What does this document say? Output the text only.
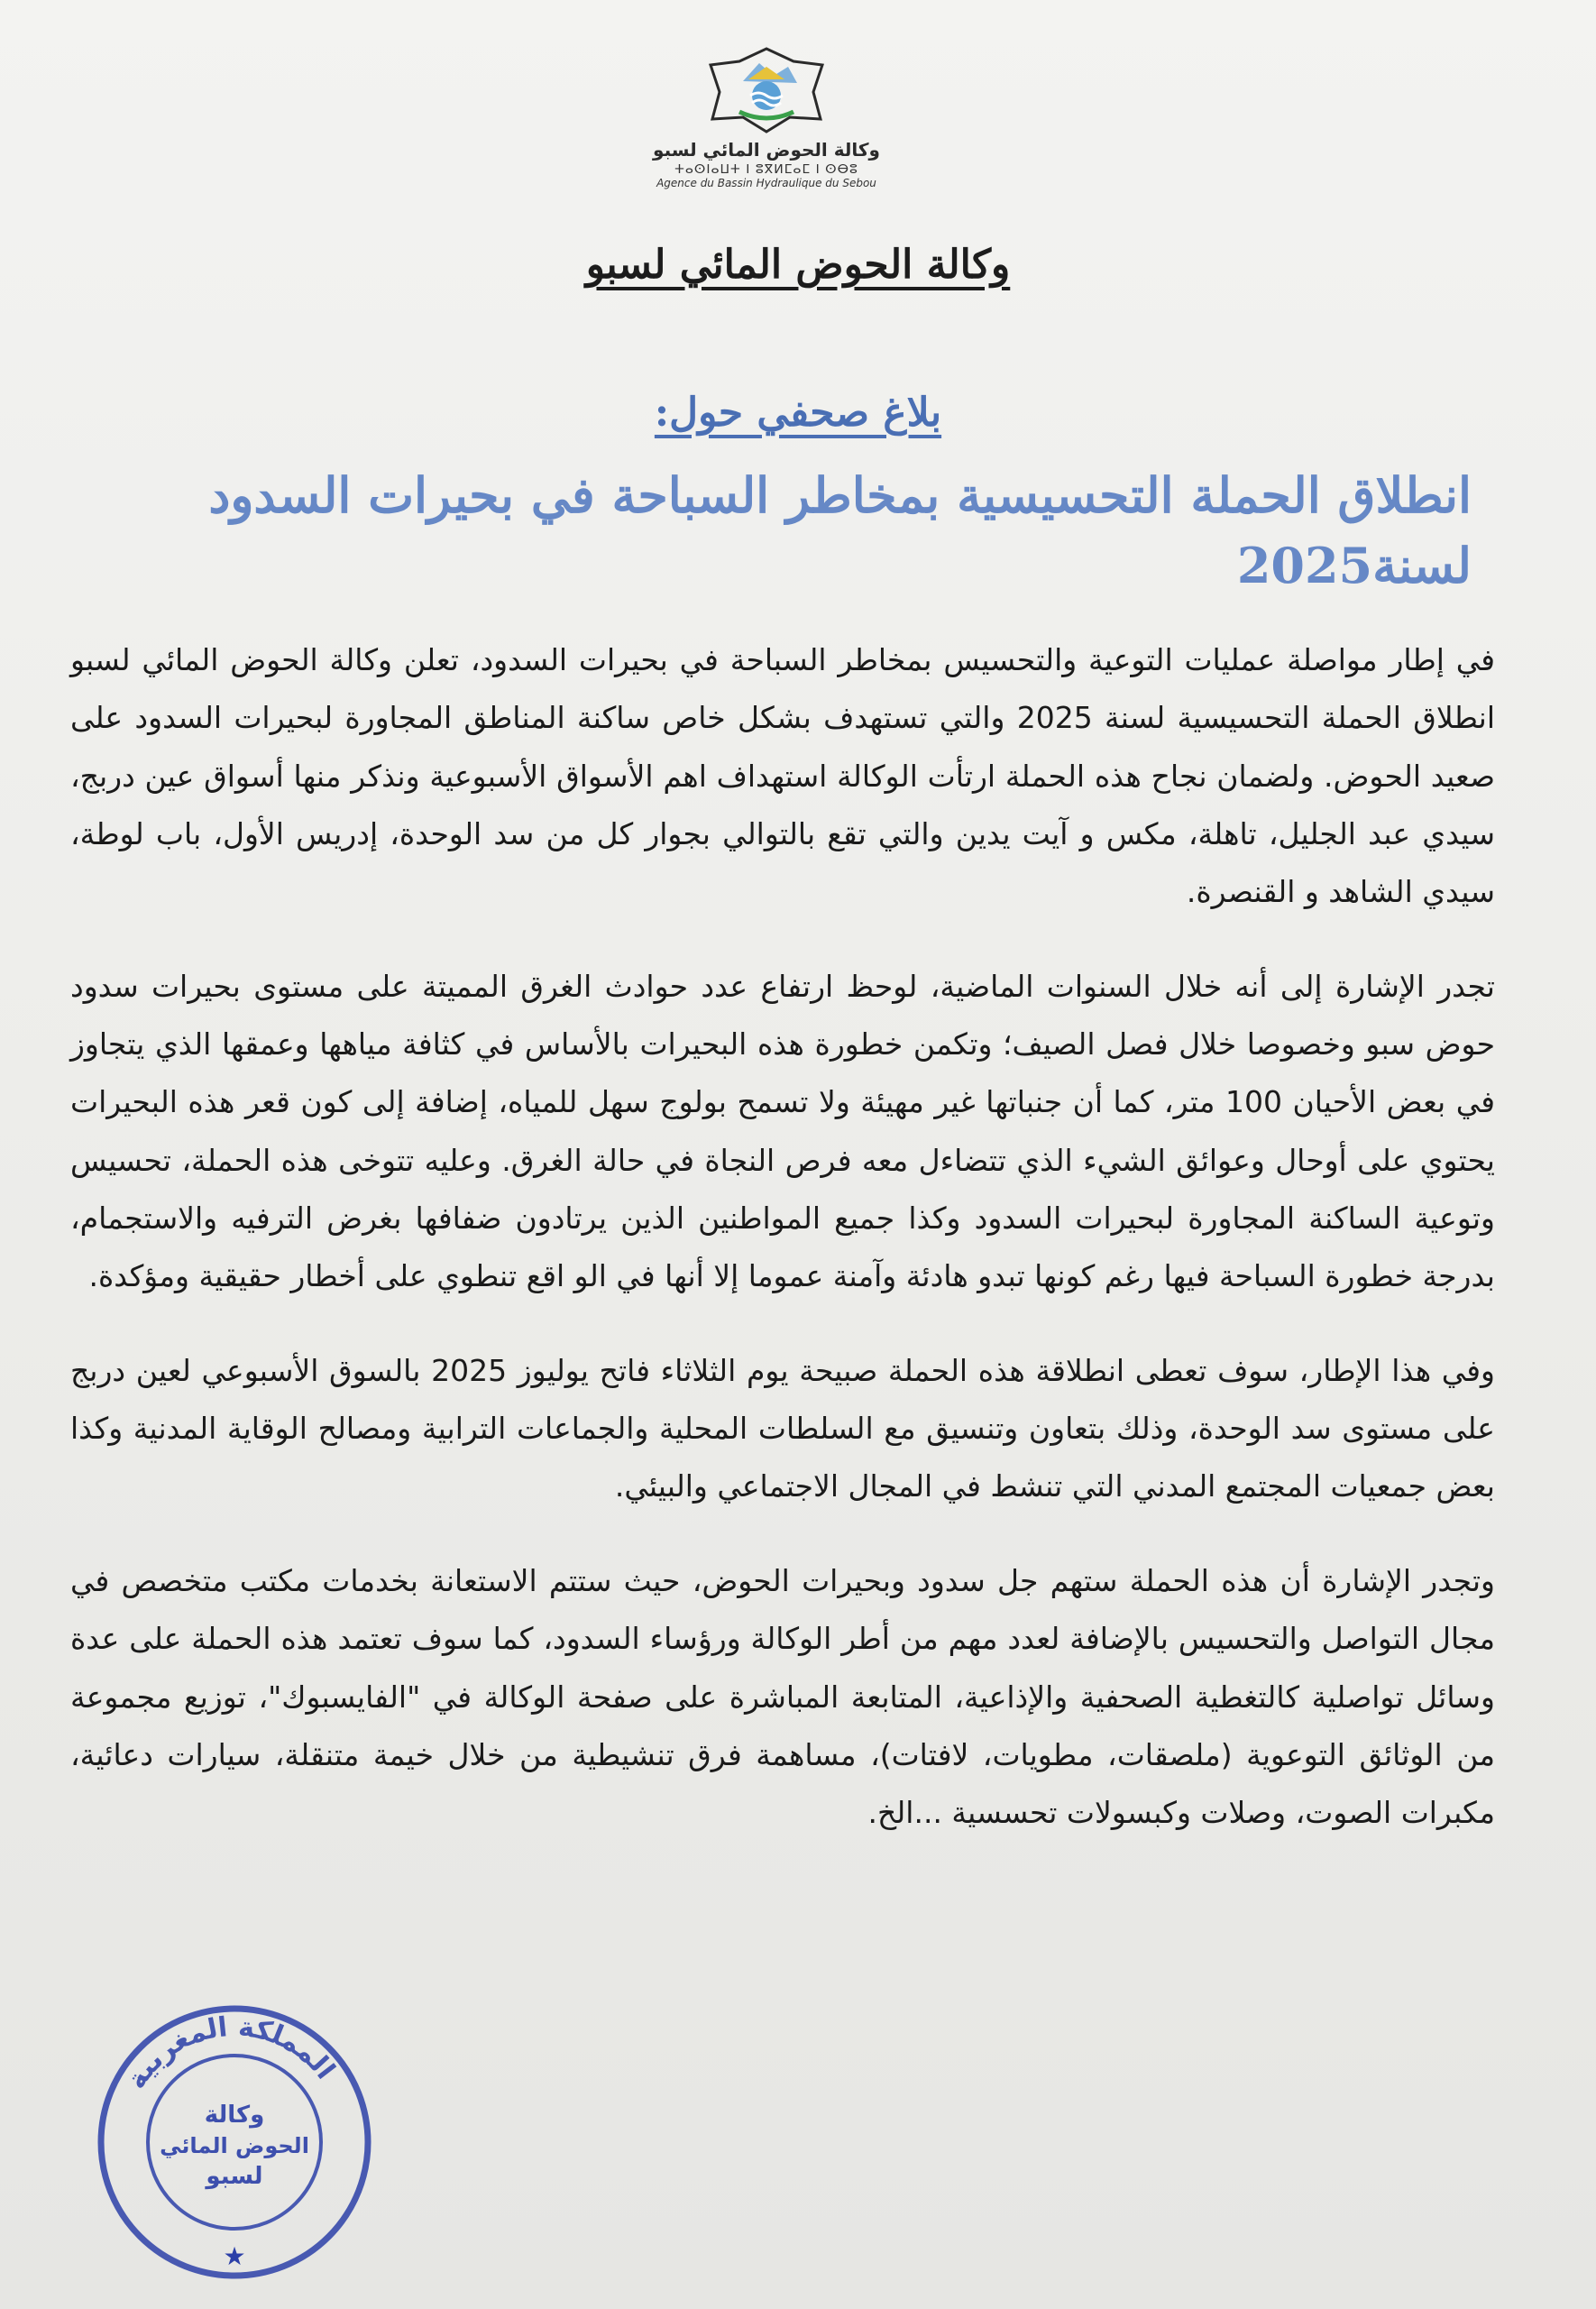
وكالة الحوض المائي لسبو
ⵜⴰⵙⵏⴰⵡⵜ ⵏ ⵓⴳⵍⵎⴰⵎ ⵏ ⵙⴱⵓ
Agence du Bassin Hydraulique du Sebou
وكالة الحوض المائي لسبو
بلاغ صحفي حول:
انطلاق الحملة التحسيسية بمخاطر السباحة في بحيرات السدود لسنة2025

في إطار مواصلة عمليات التوعية والتحسيس بمخاطر السباحة في بحيرات السدود، تعلن وكالة الحوض المائي لسبو انطلاق الحملة التحسيسية لسنة 2025 والتي تستهدف بشكل خاص ساكنة المناطق المجاورة لبحيرات السدود على صعيد الحوض. ولضمان نجاح هذه الحملة ارتأت الوكالة استهداف اهم الأسواق الأسبوعية ونذكر منها أسواق عين دربج، سيدي عبد الجليل، تاهلة، مكس و آيت يدين والتي تقع بالتوالي بجوار كل من سد الوحدة، إدريس الأول، باب لوطة، سيدي الشاهد و القنصرة.

تجدر الإشارة إلى أنه خلال السنوات الماضية، لوحظ ارتفاع عدد حوادث الغرق المميتة على مستوى بحيرات سدود حوض سبو وخصوصا خلال فصل الصيف؛ وتكمن خطورة هذه البحيرات بالأساس في كثافة مياهها وعمقها الذي يتجاوز في بعض الأحيان 100 متر، كما أن جنباتها غير مهيئة ولا تسمح بولوج سهل للمياه، إضافة إلى كون قعر هذه البحيرات يحتوي على أوحال وعوائق الشيء الذي تتضاءل معه فرص النجاة في حالة الغرق. وعليه تتوخى هذه الحملة، تحسيس وتوعية الساكنة المجاورة لبحيرات السدود وكذا جميع المواطنين الذين يرتادون ضفافها بغرض الترفيه والاستجمام، بدرجة خطورة السباحة فيها رغم كونها تبدو هادئة وآمنة عموما إلا أنها في الو اقع تنطوي على أخطار حقيقية ومؤكدة.

وفي هذا الإطار، سوف تعطى انطلاقة هذه الحملة صبيحة يوم الثلاثاء فاتح يوليوز 2025 بالسوق الأسبوعي لعين دربج على مستوى سد الوحدة، وذلك بتعاون وتنسيق مع السلطات المحلية والجماعات الترابية ومصالح الوقاية المدنية وكذا بعض جمعيات المجتمع المدني التي تنشط في المجال الاجتماعي والبيئي.

وتجدر الإشارة أن هذه الحملة ستهم جل سدود وبحيرات الحوض، حيث ستتم الاستعانة بخدمات مكتب متخصص في مجال التواصل والتحسيس بالإضافة لعدد مهم من أطر الوكالة ورؤساء السدود، كما سوف تعتمد هذه الحملة على عدة وسائل تواصلية كالتغطية الصحفية والإذاعية، المتابعة المباشرة على صفحة الوكالة في "الفايسبوك"، توزيع مجموعة من الوثائق التوعوية (ملصقات، مطويات، لافتات)، مساهمة فرق تنشيطية من خلال خيمة متنقلة، سيارات دعائية، مكبرات الصوت، وصلات وكبسولات تحسسية ...الخ.

المملكة المغربية
وكالة
الحوض المائي
لسبو
★
